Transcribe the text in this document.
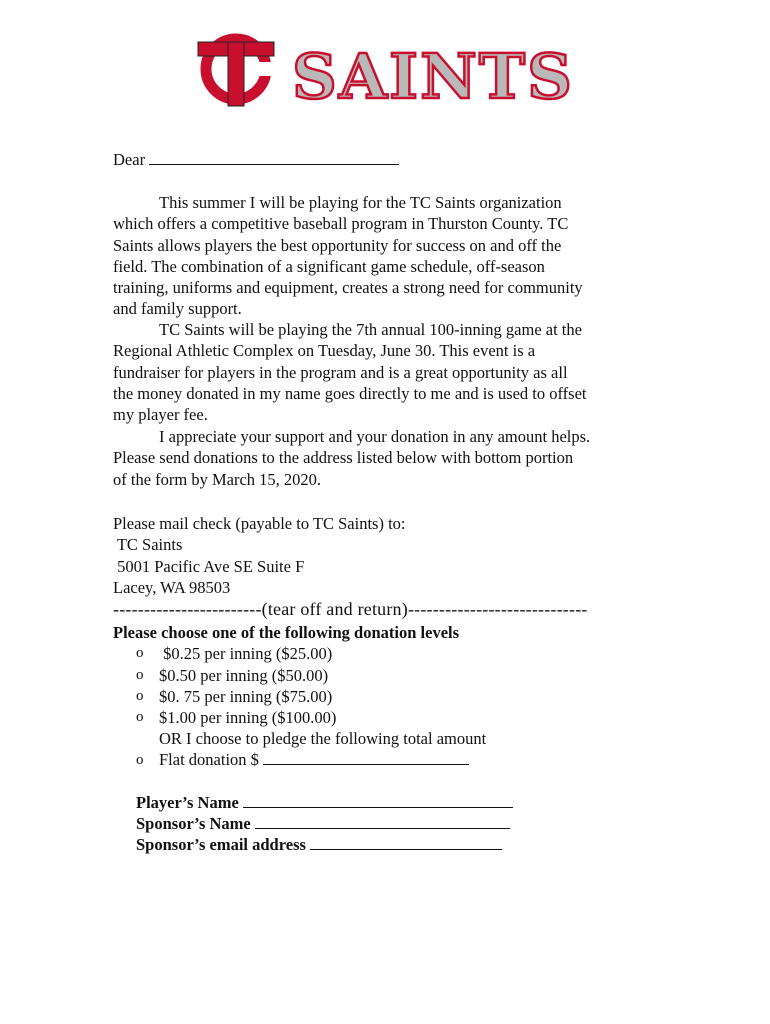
SAINTS
Dear
This summer I will be playing for the TC Saints organization
which offers a competitive baseball program in Thurston County. TC
Saints allows players the best opportunity for success on and off the
field. The combination of a significant game schedule, off-season
training, uniforms and equipment, creates a strong need for community
and family support.
TC Saints will be playing the 7th annual 100-inning game at the
Regional Athletic Complex on Tuesday, June 30. This event is a
fundraiser for players in the program and is a great opportunity as all
the money donated in my name goes directly to me and is used to offset
my player fee.
I appreciate your support and your donation in any amount helps.
Please send donations to the address listed below with bottom portion
of the form by March 15, 2020.
Please mail check (payable to TC Saints) to:
TC Saints
5001 Pacific Ave SE Suite F
Lacey, WA 98503
------------------------(tear off and return)-----------------------------
Please choose one of the following donation levels
o $0.25 per inning ($25.00)
o $0.50 per inning ($50.00)
o $0. 75 per inning ($75.00)
o $1.00 per inning ($100.00)
OR I choose to pledge the following total amount
o Flat donation $
Player’s Name
Sponsor’s Name
Sponsor’s email address
